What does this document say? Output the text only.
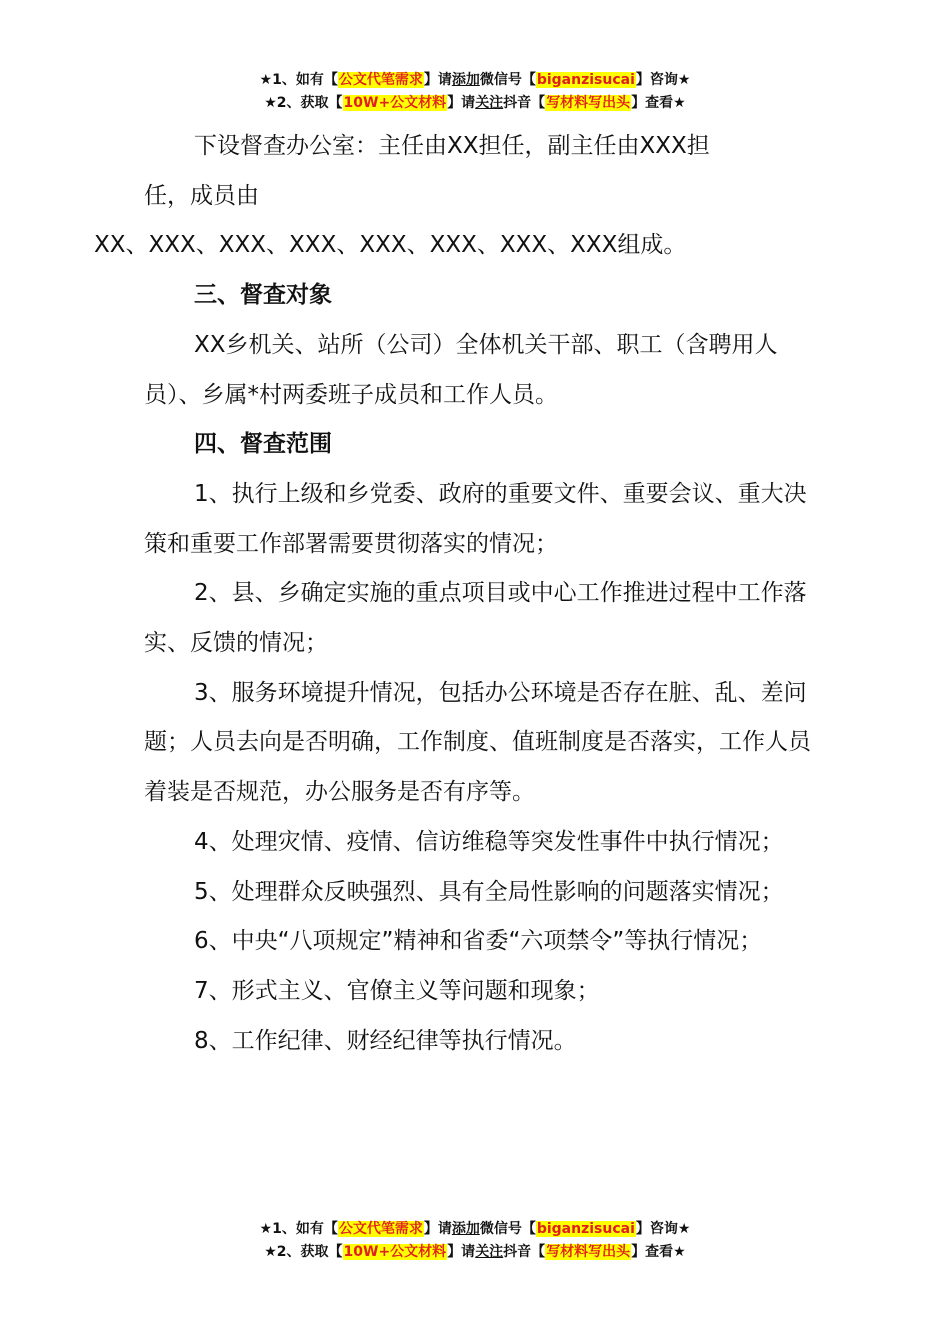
★1、如有【公文代笔需求】请添加微信号【biganzisucai】咨询★
★2、获取【10W+公文材料】请关注抖音【写材料写出头】查看★

下设督查办公室：主任由XX担任，副主任由XXX担
任，成员由
XX、XXX、XXX、XXX、XXX、XXX、XXX、XXX组成。

三、督查对象

XX乡机关、站所（公司）全体机关干部、职工（含聘用人员）、乡属*村两委班子成员和工作人员。

四、督查范围

1、执行上级和乡党委、政府的重要文件、重要会议、重大决策和重要工作部署需要贯彻落实的情况；

2、县、乡确定实施的重点项目或中心工作推进过程中工作落实、反馈的情况；

3、服务环境提升情况，包括办公环境是否存在脏、乱、差问题；人员去向是否明确，工作制度、值班制度是否落实，工作人员着装是否规范，办公服务是否有序等。

4、处理灾情、疫情、信访维稳等突发性事件中执行情况；

5、处理群众反映强烈、具有全局性影响的问题落实情况；

6、中央“八项规定”精神和省委“六项禁令”等执行情况；

7、形式主义、官僚主义等问题和现象；

8、工作纪律、财经纪律等执行情况。

★1、如有【公文代笔需求】请添加微信号【biganzisucai】咨询★
★2、获取【10W+公文材料】请关注抖音【写材料写出头】查看★
